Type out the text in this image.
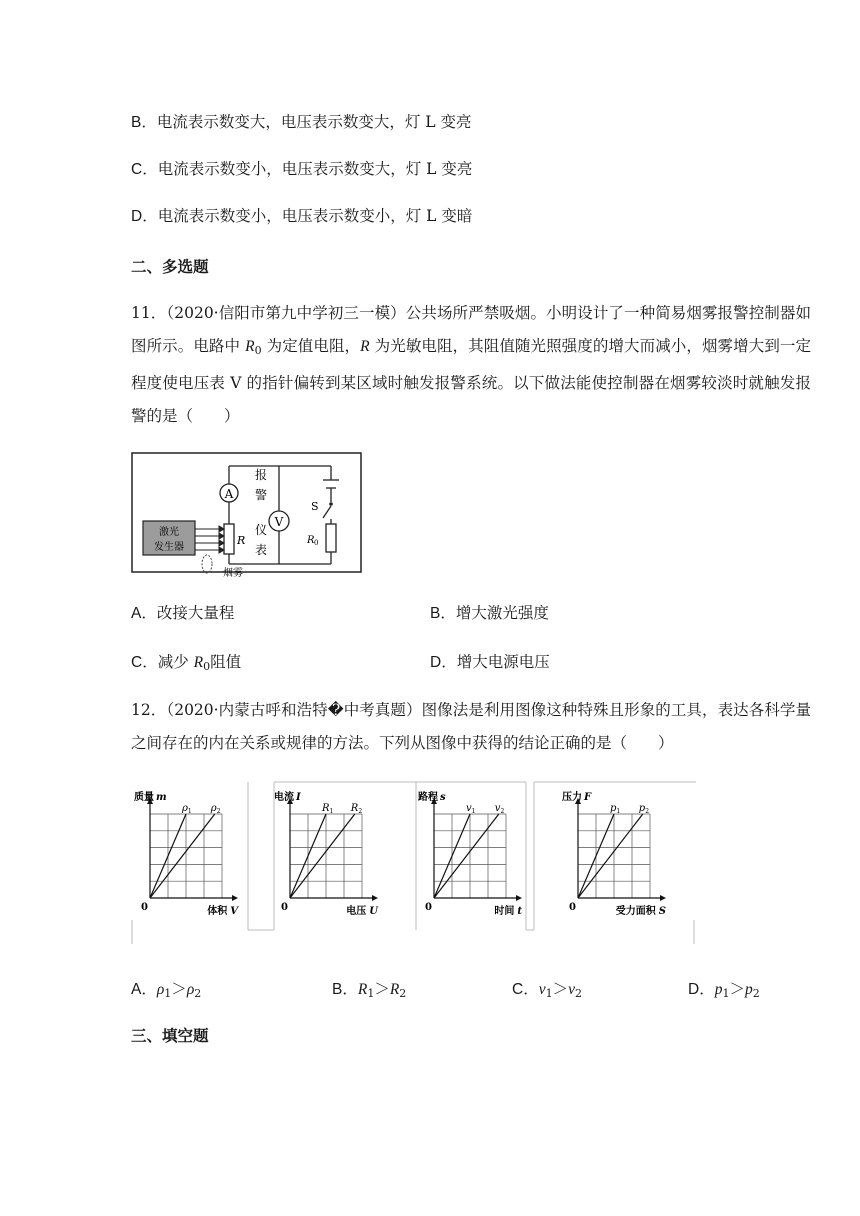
B．电流表示数变大，电压表示数变大，灯 L 变亮
C．电流表示数变小，电压表示数变大，灯 L 变亮
D．电流表示数变小，电压表示数变小，灯 L 变暗
二、多选题
11．（2020·信阳市第九中学初三一模）公共场所严禁吸烟。小明设计了一种简易烟雾报警控制器如图所示。电路中 $R_0$ 为定值电阻，R 为光敏电阻，其阻值随光照强度的增大而减小，烟雾增大到一定程度使电压表 V 的指针偏转到某区域时触发报警系统。以下做法能使控制器在烟雾较淡时就触发报警的是（　　）
A
V
R	R 0
S
报
警
仪
表
激光
发生器
烟雾
A．改接大量程	B．增大激光强度
C．减少 $R_0$阻值	D．增大电源电压
12．（2020·内蒙古呼和浩特�中考真题）图像法是利用图像这种特殊且形象的工具，表达各科学量之间存在的内在关系或规律的方法。下列从图像中获得的结论正确的是（　　）
$\rho_1$ $\rho_2$
质量 m
体积 V
0
$R_1$ $R_2$
电流 I
电压 U
0
$v_1$ $v_2$
路程 s
时间 t
0
$p_1$ $p_2$
压力 F
受力面积 S
0
A．$\rho_1>\rho_2$	B．$R_1>R_2$	C．$v_1>v_2$	D．$p_1>p_2$
三、填空题
